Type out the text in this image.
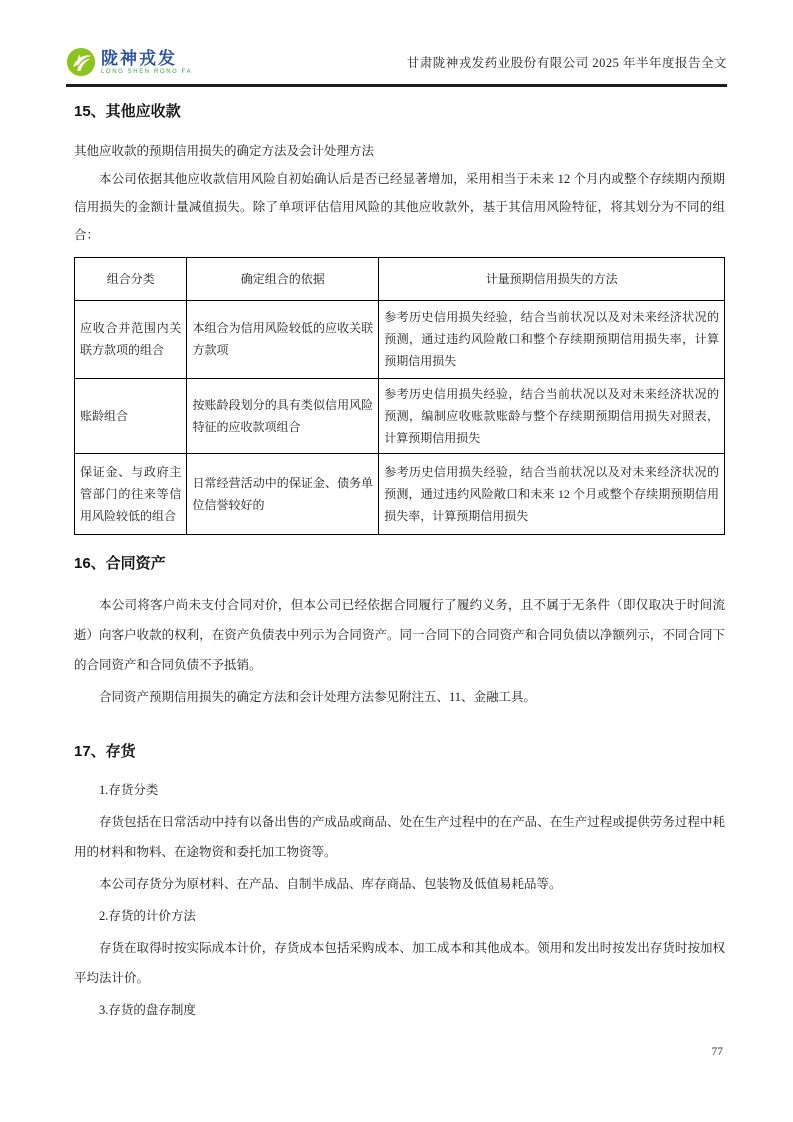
陇神戎发
LONG SHEN RONG FA
甘肃陇神戎发药业股份有限公司 2025 年半年度报告全文
15、其他应收款

其他应收款的预期信用损失的确定方法及会计处理方法

本公司依据其他应收款信用风险自初始确认后是否已经显著增加，采用相当于未来 12 个月内或整个存续期内预期信用损失的金额计量减值损失。除了单项评估信用风险的其他应收款外，基于其信用风险特征，将其划分为不同的组合：

组合分类	确定组合的依据	计量预期信用损失的方法
应收合并范围内关联方款项的组合	本组合为信用风险较低的应收关联方款项	参考历史信用损失经验，结合当前状况以及对未来经济状况的预测，通过违约风险敞口和整个存续期预期信用损失率，计算预期信用损失
账龄组合	按账龄段划分的具有类似信用风险特征的应收款项组合	参考历史信用损失经验，结合当前状况以及对未来经济状况的预测，编制应收账款账龄与整个存续期预期信用损失对照表，计算预期信用损失
保证金、与政府主管部门的往来等信用风险较低的组合	日常经营活动中的保证金、债务单位信誉较好的	参考历史信用损失经验，结合当前状况以及对未来经济状况的预测，通过违约风险敞口和未来 12 个月或整个存续期预期信用损失率，计算预期信用损失
16、合同资产

本公司将客户尚未支付合同对价，但本公司已经依据合同履行了履约义务，且不属于无条件（即仅取决于时间流逝）向客户收款的权利，在资产负债表中列示为合同资产。同一合同下的合同资产和合同负债以净额列示，不同合同下的合同资产和合同负债不予抵销。

合同资产预期信用损失的确定方法和会计处理方法参见附注五、11、金融工具。

17、存货

1.存货分类

存货包括在日常活动中持有以备出售的产成品或商品、处在生产过程中的在产品、在生产过程或提供劳务过程中耗用的材料和物料、在途物资和委托加工物资等。

本公司存货分为原材料、在产品、自制半成品、库存商品、包装物及低值易耗品等。

2.存货的计价方法

存货在取得时按实际成本计价，存货成本包括采购成本、加工成本和其他成本。领用和发出时按发出存货时按加权平均法计价。

3.存货的盘存制度

77
